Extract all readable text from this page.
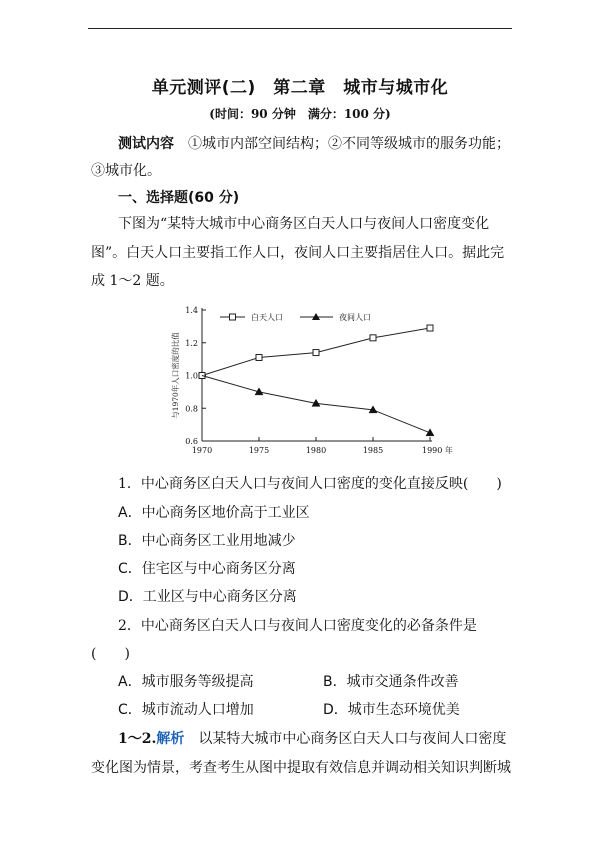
单元测评(二)　第二章　城市与城市化
(时间：90 分钟　满分：100 分)
测试内容　 ①城市内部空间结构；②不同等级城市的服务功能；
③城市化。
一、选择题(60 分)
下图为“某特大城市中心商务区白天人口与夜间人口密度变化
图”。白天人口主要指工作人口，夜间人口主要指居住人口。据此完
成 1～2 题。
0.6
0.8
1.0
1.2
1.4
1970	1975	1980	1985	1990 年
白天人口	夜间人口
与1970年人口密度的比值
1．中心商务区白天人口与夜间人口密度的变化直接反映(　　)
A．中心商务区地价高于工业区
B．中心商务区工业用地减少
C．住宅区与中心商务区分离
D．工业区与中心商务区分离
2．中心商务区白天人口与夜间人口密度变化的必备条件是
(　　)
A．城市服务等级提高	B．城市交通条件改善
C．城市流动人口增加	D．城市生态环境优美
1～2.解析　以某特大城市中心商务区白天人口与夜间人口密度
变化图为情景，考查考生从图中提取有效信息并调动相关知识判断城
